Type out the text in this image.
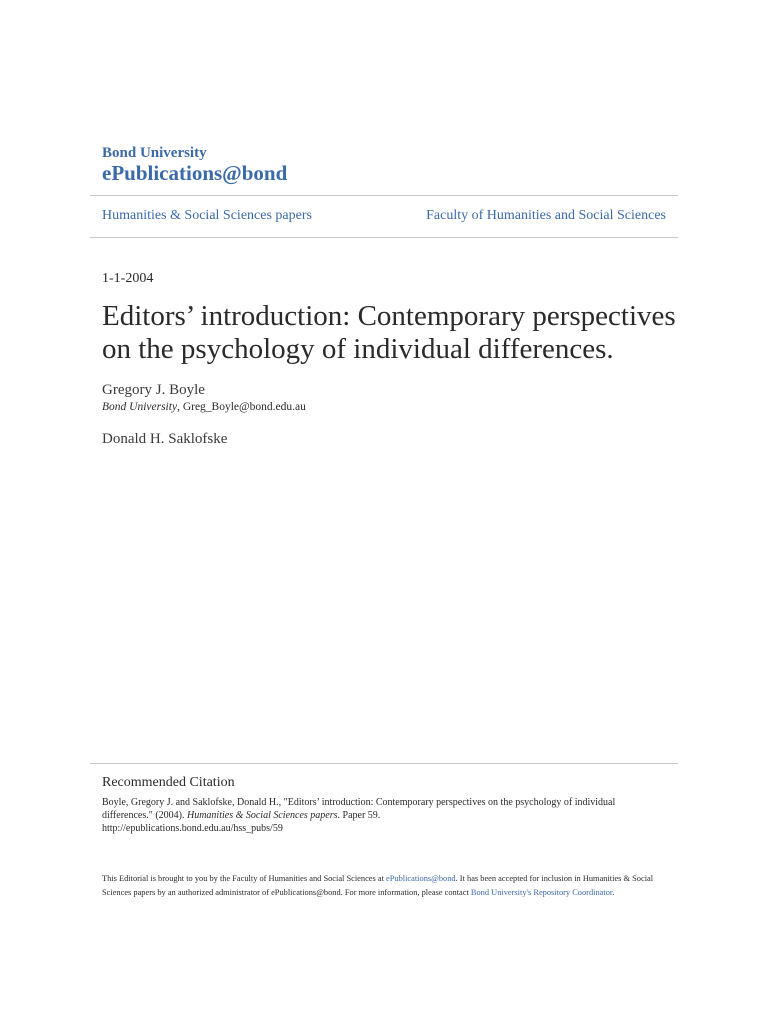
Bond University
ePublications@bond
Humanities & Social Sciences papers	Faculty of Humanities and Social Sciences
1-1-2004
Editors’ introduction: Contemporary perspectives on the psychology of individual differences.
Gregory J. Boyle
Bond University, Greg_Boyle@bond.edu.au
Donald H. Saklofske
Recommended Citation
Boyle, Gregory J. and Saklofske, Donald H., "Editors’ introduction: Contemporary perspectives on the psychology of individual differences." (2004). Humanities & Social Sciences papers. Paper 59.
http://epublications.bond.edu.au/hss_pubs/59
This Editorial is brought to you by the Faculty of Humanities and Social Sciences at ePublications@bond. It has been accepted for inclusion in Humanities & Social Sciences papers by an authorized administrator of ePublications@bond. For more information, please contact Bond University's Repository Coordinator.
